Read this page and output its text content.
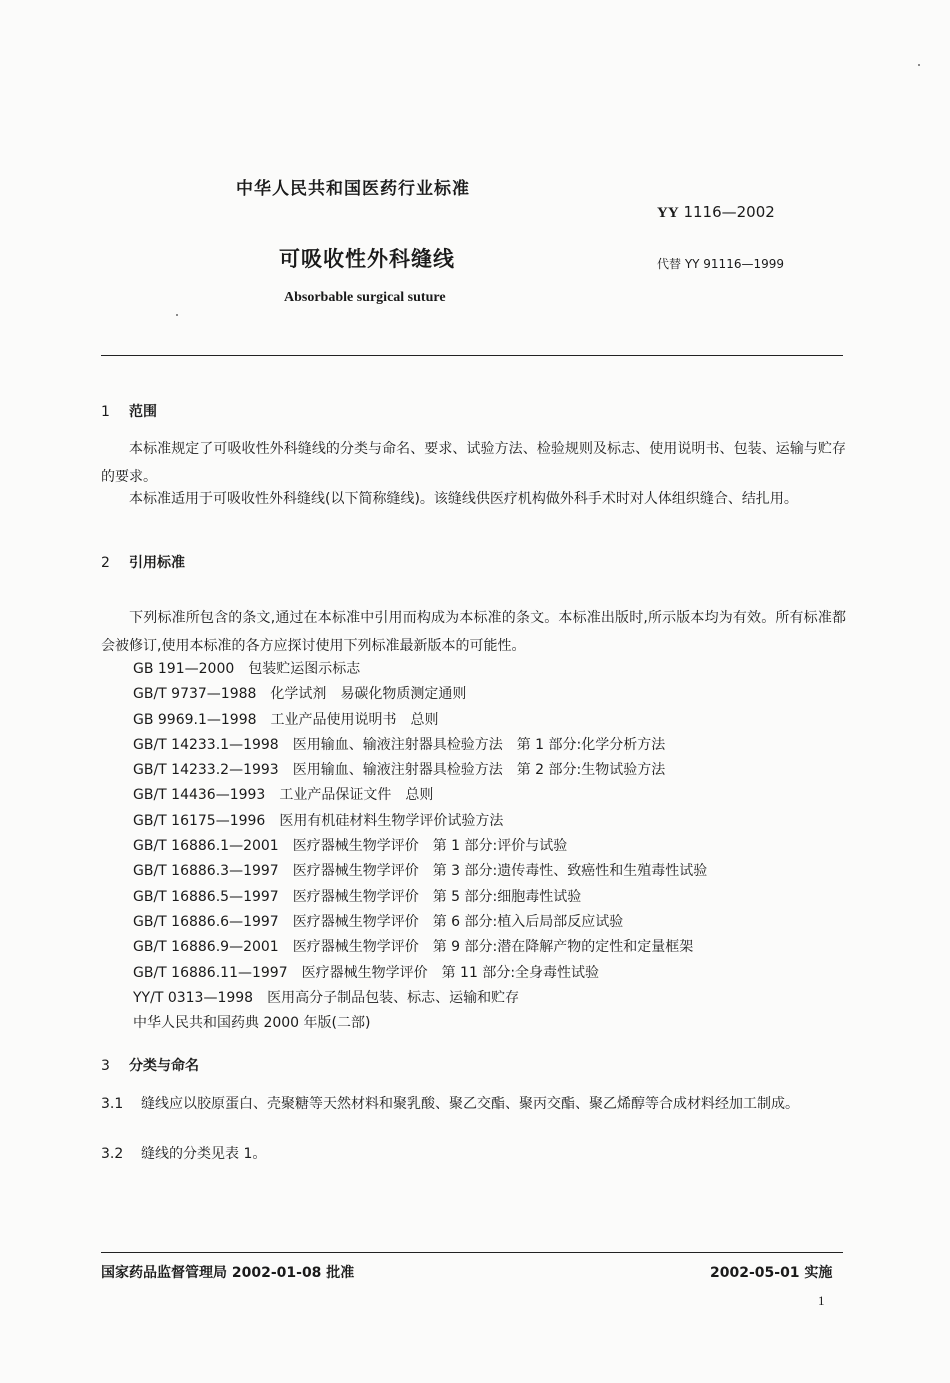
中华人民共和国医药行业标准
YY 1116—2002
可吸收性外科缝线	代替 YY 91116—1999
Absorbable surgical suture
1 范围
本标准规定了可吸收性外科缝线的分类与命名、要求、试验方法、检验规则及标志、使用说明书、包装、运输与贮存的要求。
本标准适用于可吸收性外科缝线(以下简称缝线)。该缝线供医疗机构做外科手术时对人体组织缝合、结扎用。
2 引用标准
下列标准所包含的条文,通过在本标准中引用而构成为本标准的条文。本标准出版时,所示版本均为有效。所有标准都会被修订,使用本标准的各方应探讨使用下列标准最新版本的可能性。
GB 191—2000　包装贮运图示标志
GB/T 9737—1988　化学试剂　易碳化物质测定通则
GB 9969.1—1998　工业产品使用说明书　总则
GB/T 14233.1—1998　医用输血、输液注射器具检验方法　第 1 部分:化学分析方法
GB/T 14233.2—1993　医用输血、输液注射器具检验方法　第 2 部分:生物试验方法
GB/T 14436—1993　工业产品保证文件　总则
GB/T 16175—1996　医用有机硅材料生物学评价试验方法
GB/T 16886.1—2001　医疗器械生物学评价　第 1 部分:评价与试验
GB/T 16886.3—1997　医疗器械生物学评价　第 3 部分:遗传毒性、致癌性和生殖毒性试验
GB/T 16886.5—1997　医疗器械生物学评价　第 5 部分:细胞毒性试验
GB/T 16886.6—1997　医疗器械生物学评价　第 6 部分:植入后局部反应试验
GB/T 16886.9—2001　医疗器械生物学评价　第 9 部分:潜在降解产物的定性和定量框架
GB/T 16886.11—1997　医疗器械生物学评价　第 11 部分:全身毒性试验
YY/T 0313—1998　医用高分子制品包装、标志、运输和贮存
中华人民共和国药典 2000 年版(二部)
3 分类与命名
3.1 缝线应以胶原蛋白、壳聚糖等天然材料和聚乳酸、聚乙交酯、聚丙交酯、聚乙烯醇等合成材料经加工制成。
3.2 缝线的分类见表 1。
国家药品监督管理局 2002-01-08 批准	2002-05-01 实施
1
